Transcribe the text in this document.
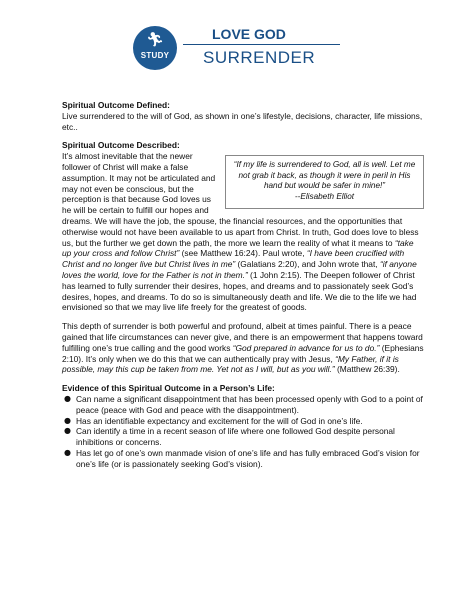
🏃︎
STUDY
LOVE GOD
SURRENDER

Spiritual Outcome Defined:

Live surrendered to the will of God, as shown in one’s lifestyle, decisions, character, life missions, etc..

Spiritual Outcome Described:

“If my life is surrendered to God, all is well. Let me not grab it back, as though it were in peril in His hand but would be safer in mine!”
--Elisabeth Elliot
It’s almost inevitable that the newer follower of Christ will make a false assumption. It may not be articulated and may not even be conscious, but the perception is that because God loves us he will be certain to fulfill our hopes and dreams. We will have the job, the spouse, the financial resources, and the opportunities that otherwise would not have been available to us apart from Christ. In truth, God does love to bless us, but the further we get down the path, the more we learn the reality of what it means to “take up your cross and follow Christ” (see Matthew 16:24). Paul wrote, “I have been crucified with Christ and no longer live but Christ lives in me” (Galatians 2:20), and John wrote that, “if anyone loves the world, love for the Father is not in them.” (1 John 2:15). The Deepen follower of Christ has learned to fully surrender their desires, hopes, and dreams and to passionately seek God’s desires, hopes, and dreams. To do so is simultaneously death and life. We die to the life we had envisioned so that we may live life freely for the greatest of goods.

This depth of surrender is both powerful and profound, albeit at times painful. There is a peace gained that life circumstances can never give, and there is an empowerment that happens toward fulfilling one’s true calling and the good works “God prepared in advance for us to do.” (Ephesians 2:10). It’s only when we do this that we can authentically pray with Jesus, “My Father, if it is possible, may this cup be taken from me. Yet not as I will, but as you will.” (Matthew 26:39).

Evidence of this Spiritual Outcome in a Person’s Life:

● Can name a significant disappointment that has been processed openly with God to a point of peace (peace with God and peace with the disappointment).
● Has an identifiable expectancy and excitement for the will of God in one’s life.
● Can identify a time in a recent season of life where one followed God despite personal inhibitions or concerns.
● Has let go of one’s own manmade vision of one’s life and has fully embraced God’s vision for one’s life (or is passionately seeking God’s vision).
